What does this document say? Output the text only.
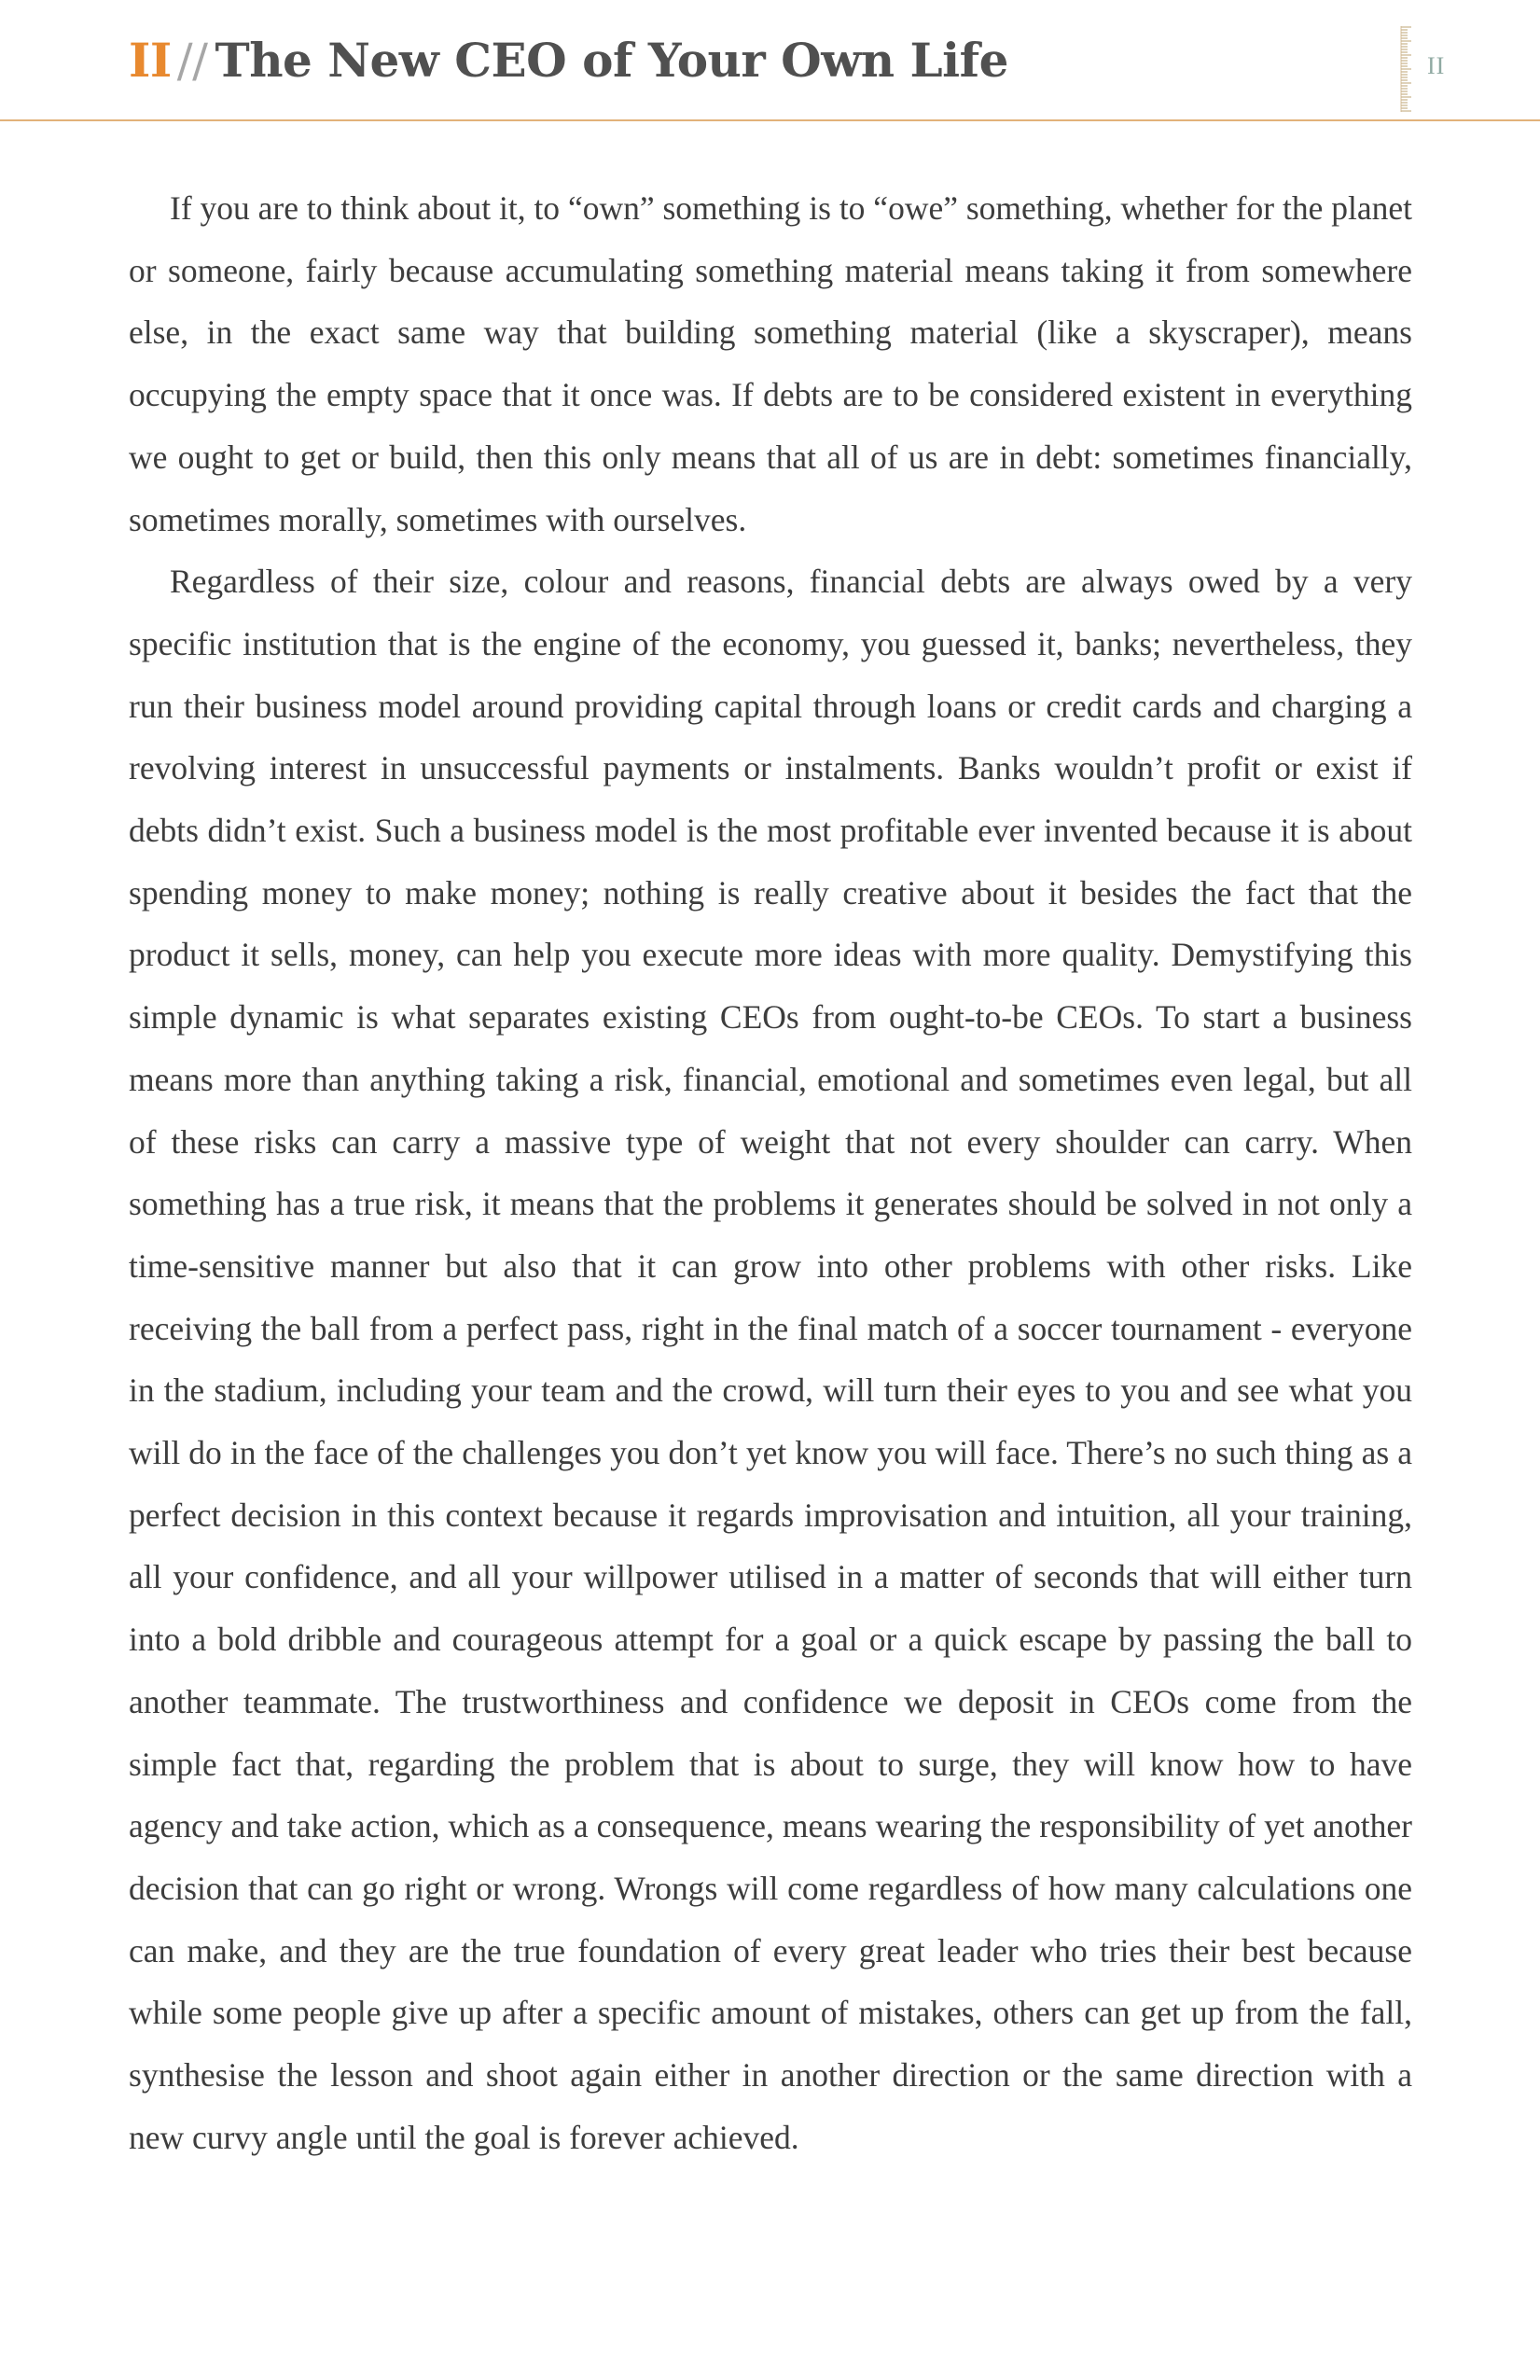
II // The New CEO of Your Own Life	II

If you are to think about it, to “own” something is to “owe” something, whether for the planet or someone, fairly because accumulating something material means taking it from somewhere else, in the exact same way that building something material (like a skyscraper), means occupying the empty space that it once was. If debts are to be considered existent in everything we ought to get or build, then this only means that all of us are in debt: sometimes financially, sometimes morally, sometimes with ourselves.

Regardless of their size, colour and reasons, financial debts are always owed by a very specific institution that is the engine of the economy, you guessed it, banks; nevertheless, they run their business model around providing capital through loans or credit cards and charging a revolving interest in unsuccessful payments or instalments. Banks wouldn’t profit or exist if debts didn’t exist. Such a business model is the most profitable ever invented because it is about spending money to make money; nothing is really creative about it besides the fact that the product it sells, money, can help you execute more ideas with more quality. Demystifying this simple dynamic is what separates existing CEOs from ought-to-be CEOs. To start a business means more than anything taking a risk, financial, emotional and sometimes even legal, but all of these risks can carry a massive type of weight that not every shoulder can carry. When something has a true risk, it means that the problems it generates should be solved in not only a time-sensitive manner but also that it can grow into other problems with other risks. Like receiving the ball from a perfect pass, right in the final match of a soccer tournament - everyone in the stadium, including your team and the crowd, will turn their eyes to you and see what you will do in the face of the challenges you don’t yet know you will face. There’s no such thing as a perfect decision in this context because it regards improvisation and intuition, all your training, all your confidence, and all your willpower utilised in a matter of seconds that will either turn into a bold dribble and courageous attempt for a goal or a quick escape by passing the ball to another teammate. The trustworthiness and confidence we deposit in CEOs come from the simple fact that, regarding the problem that is about to surge, they will know how to have agency and take action, which as a consequence, means wearing the responsibility of yet another decision that can go right or wrong. Wrongs will come regardless of how many calculations one can make, and they are the true foundation of every great leader who tries their best because while some people give up after a specific amount of mistakes, others can get up from the fall, synthesise the lesson and shoot again either in another direction or the same direction with a new curvy angle until the goal is forever achieved.
